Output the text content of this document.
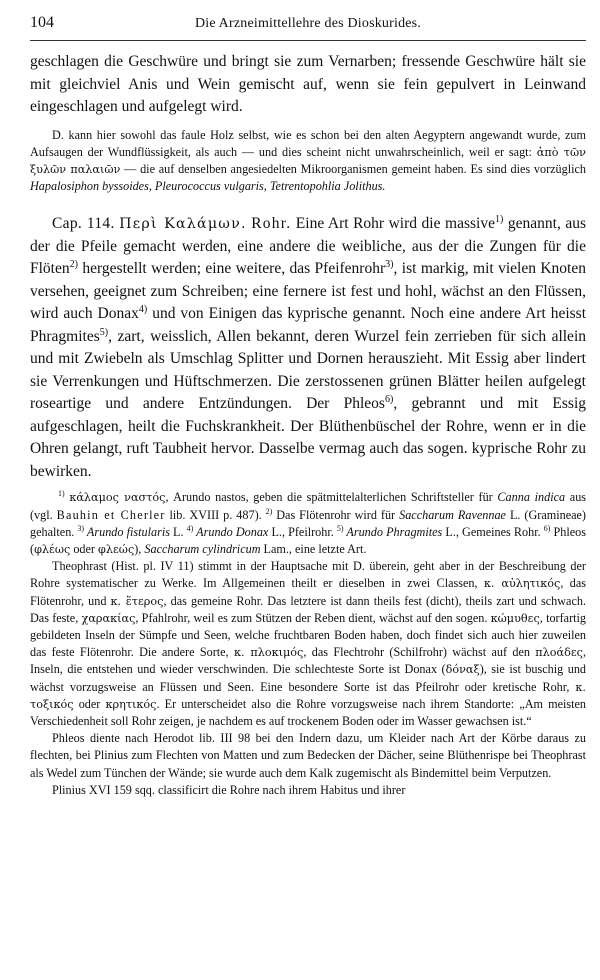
104	Die Arzneimittellehre des Dioskurides.

geschlagen die Geschwüre und bringt sie zum Vernarben; fressende Geschwüre hält sie mit gleichviel Anis und Wein gemischt auf, wenn sie fein gepulvert in Leinwand eingeschlagen und aufgelegt wird.

D. kann hier sowohl das faule Holz selbst, wie es schon bei den alten Aegyptern angewandt wurde, zum Aufsaugen der Wundflüssigkeit, als auch — und dies scheint nicht unwahrscheinlich, weil er sagt: ἀπὸ τῶν ξυλῶν παλαιῶν — die auf denselben angesiedelten Mikroorganismen gemeint haben. Es sind dies vorzüglich Hapalosiphon byssoides, Pleurococcus vulgaris, Tetrentopohlia Jolithus.

Cap. 114. Περὶ Καλάμων. Rohr. Eine Art Rohr wird die massive$^{1)}$ genannt, aus der die Pfeile gemacht werden, eine andere die weibliche, aus der die Zungen für die Flöten$^{2)}$ hergestellt werden; eine weitere, das Pfeifenrohr$^{3)}$, ist markig, mit vielen Knoten versehen, geeignet zum Schreiben; eine fernere ist fest und hohl, wächst an den Flüssen, wird auch Donax$^{4)}$ und von Einigen das kyprische genannt. Noch eine andere Art heisst Phragmites$^{5)}$, zart, weisslich, Allen bekannt, deren Wurzel fein zerrieben für sich allein und mit Zwiebeln als Umschlag Splitter und Dornen herauszieht. Mit Essig aber lindert sie Verrenkungen und Hüftschmerzen. Die zerstossenen grünen Blätter heilen aufgelegt roseartige und andere Entzündungen. Der Phleos$^{6)}$, gebrannt und mit Essig aufgeschlagen, heilt die Fuchskrankheit. Der Blüthenbüschel der Rohre, wenn er in die Ohren gelangt, ruft Taubheit hervor. Dasselbe vermag auch das sogen. kyprische Rohr zu bewirken.

$^{1)}$ κάλαμος ναστός, Arundo nastos, geben die spätmittelalterlichen Schriftsteller für Canna indica aus (vgl. Bauhin et Cherler lib. XVIII p. 487). $^{2)}$ Das Flötenrohr wird für Saccharum Ravennae L. (Gramineae) gehalten. $^{3)}$ Arundo fistularis L. $^{4)}$ Arundo Donax L., Pfeilrohr. $^{5)}$ Arundo Phragmites L., Gemeines Rohr. $^{6)}$ Phleos (φλέως oder φλεώς), Saccharum cylindricum Lam., eine letzte Art.

Theophrast (Hist. pl. IV 11) stimmt in der Hauptsache mit D. überein, geht aber in der Beschreibung der Rohre systematischer zu Werke. Im Allgemeinen theilt er dieselben in zwei Classen, κ. αὐλητικός, das Flötenrohr, und κ. ἕτερος, das gemeine Rohr. Das letztere ist dann theils fest (dicht), theils zart und schwach. Das feste, χαρακίας, Pfahlrohr, weil es zum Stützen der Reben dient, wächst auf den sogen. κώμυθες, torfartig gebildeten Inseln der Sümpfe und Seen, welche fruchtbaren Boden haben, doch findet sich auch hier zuweilen das feste Flötenrohr. Die andere Sorte, κ. πλοκιμός, das Flechtrohr (Schilfrohr) wächst auf den πλοάδες, Inseln, die entstehen und wieder verschwinden. Die schlechteste Sorte ist Donax (δόναξ), sie ist buschig und wächst vorzugsweise an Flüssen und Seen. Eine besondere Sorte ist das Pfeilrohr oder kretische Rohr, κ. τοξικός oder κρητικός. Er unterscheidet also die Rohre vorzugsweise nach ihrem Standorte: „Am meisten Verschiedenheit soll Rohr zeigen, je nachdem es auf trockenem Boden oder im Wasser gewachsen ist.“

Phleos diente nach Herodot lib. III 98 bei den Indern dazu, um Kleider nach Art der Körbe daraus zu flechten, bei Plinius zum Flechten von Matten und zum Bedecken der Dächer, seine Blüthenrispe bei Theophrast als Wedel zum Tünchen der Wände; sie wurde auch dem Kalk zugemischt als Bindemittel beim Verputzen.

Plinius XVI 159 sqq. classificirt die Rohre nach ihrem Habitus und ihrer
